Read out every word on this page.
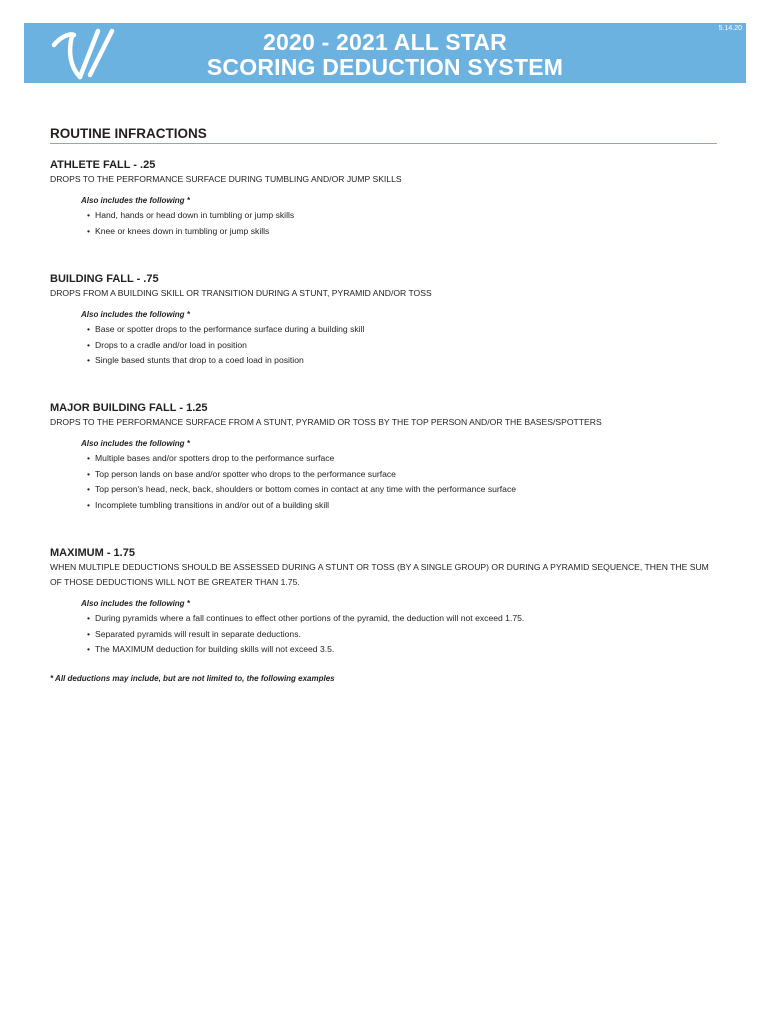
2020 - 2021 ALL STAR
SCORING DEDUCTION SYSTEM
5.14.20
ROUTINE INFRACTIONS

ATHLETE FALL - .25

DROPS TO THE PERFORMANCE SURFACE DURING TUMBLING AND/OR JUMP SKILLS

Also includes the following *

• Hand, hands or head down in tumbling or jump skills
• Knee or knees down in tumbling or jump skills

BUILDING FALL - .75

DROPS FROM A BUILDING SKILL OR TRANSITION DURING A STUNT, PYRAMID AND/OR TOSS

Also includes the following *

• Base or spotter drops to the performance surface during a building skill
• Drops to a cradle and/or load in position
• Single based stunts that drop to a coed load in position

MAJOR BUILDING FALL - 1.25

DROPS TO THE PERFORMANCE SURFACE FROM A STUNT, PYRAMID OR TOSS BY THE TOP PERSON AND/OR THE BASES/SPOTTERS

Also includes the following *

• Multiple bases and/or spotters drop to the performance surface
• Top person lands on base and/or spotter who drops to the performance surface
• Top person's head, neck, back, shoulders or bottom comes in contact at any time with the performance surface
• Incomplete tumbling transitions in and/or out of a building skill

MAXIMUM - 1.75

WHEN MULTIPLE DEDUCTIONS SHOULD BE ASSESSED DURING A STUNT OR TOSS (BY A SINGLE GROUP) OR DURING A PYRAMID SEQUENCE, THEN THE SUM OF THOSE DEDUCTIONS WILL NOT BE GREATER THAN 1.75.

Also includes the following *

• During pyramids where a fall continues to effect other portions of the pyramid, the deduction will not exceed 1.75.
• Separated pyramids will result in separate deductions.
• The MAXIMUM deduction for building skills will not exceed 3.5.
* All deductions may include, but are not limited to, the following examples
